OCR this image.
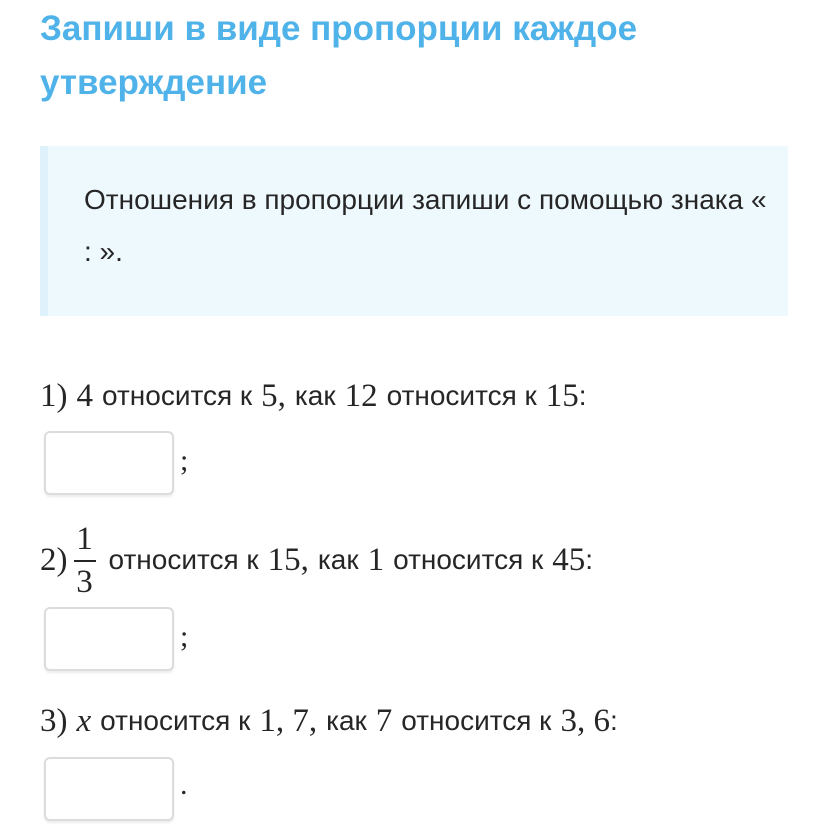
Запиши в виде пропорции каждое утверждение

Отношения в пропорции запиши с помощью знака « : ».

1) 4 относится к 5, как 12 относится к 15 :
;
$2) \frac{1}{3}$ относится к 15, как 1 относится к 45 :
;
3) x относится к 1, 7, как 7 относится к 3, 6 :
.
